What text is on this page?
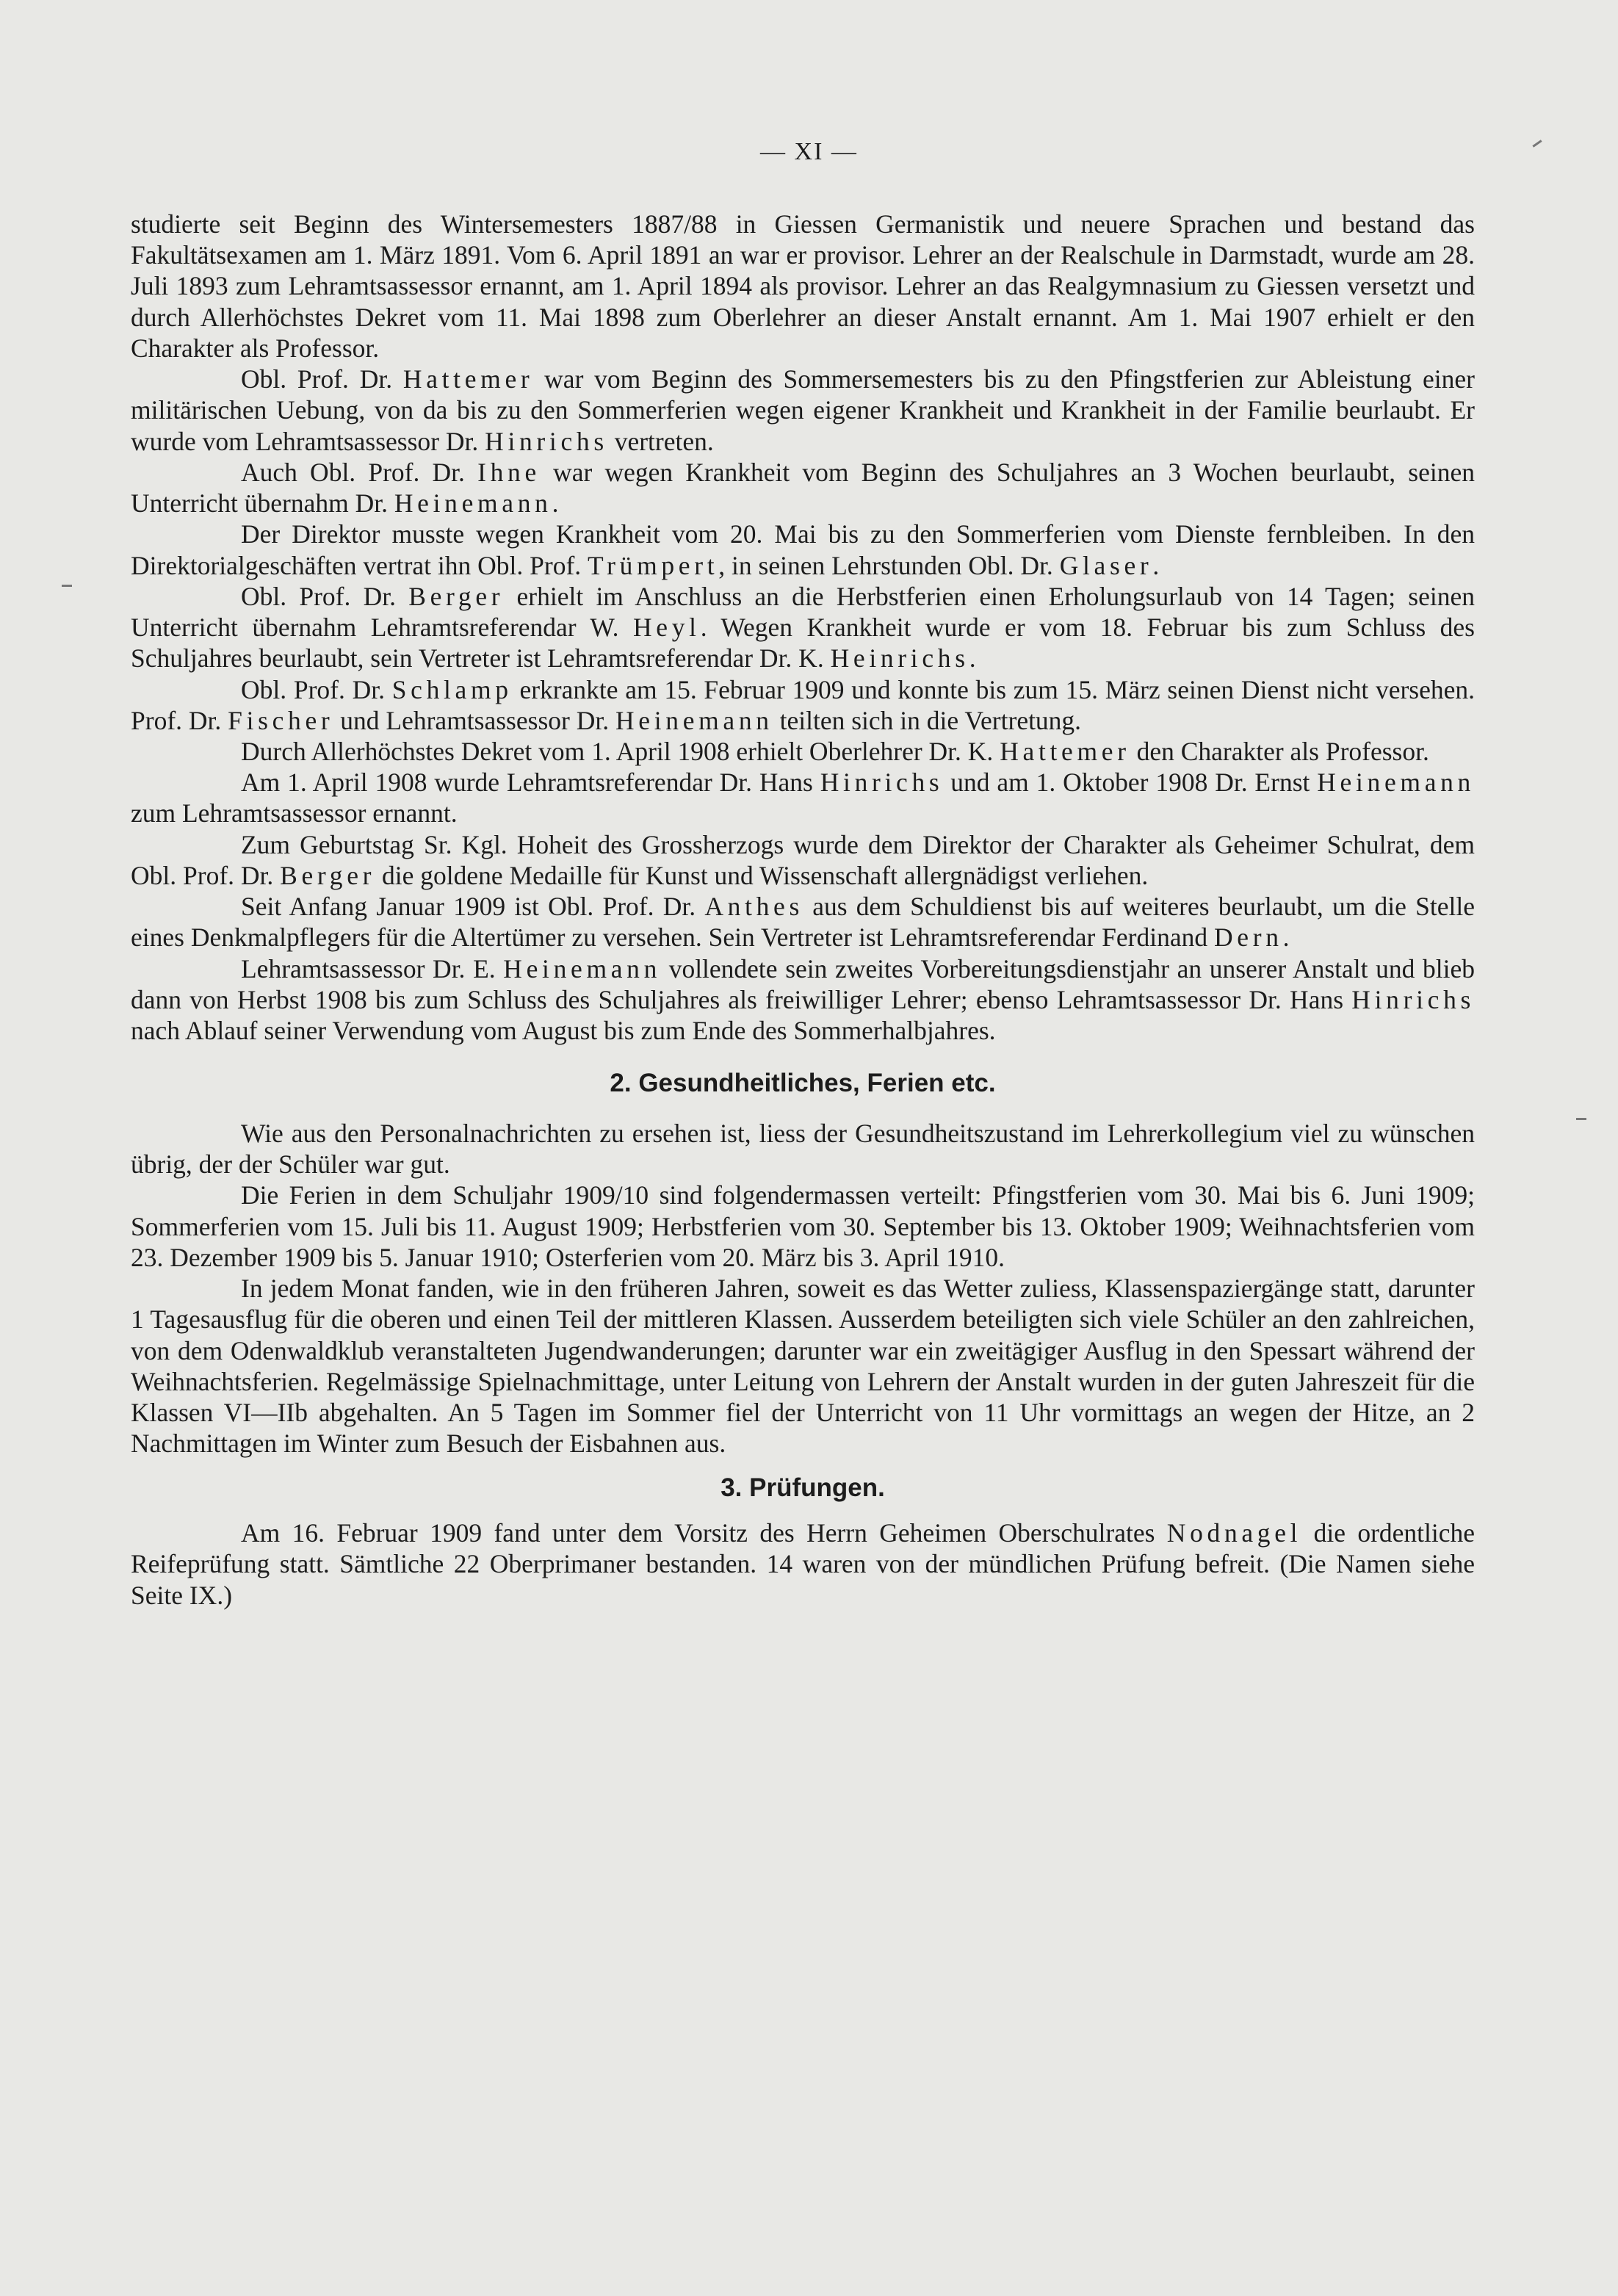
— XI —

studierte seit Beginn des Wintersemesters 1887/88 in Giessen Germanistik und neuere Sprachen und bestand das Fakultätsexamen am 1. März 1891. Vom 6. April 1891 an war er provisor. Lehrer an der Realschule in Darmstadt, wurde am 28. Juli 1893 zum Lehramtsassessor ernannt, am 1. April 1894 als provisor. Lehrer an das Realgymnasium zu Giessen versetzt und durch Allerhöchstes Dekret vom 11. Mai 1898 zum Oberlehrer an dieser Anstalt ernannt. Am 1. Mai 1907 erhielt er den Charakter als Professor.

Obl. Prof. Dr. Hattemer war vom Beginn des Sommersemesters bis zu den Pfingstferien zur Ableistung einer militärischen Uebung, von da bis zu den Sommerferien wegen eigener Krankheit und Krankheit in der Familie beurlaubt. Er wurde vom Lehramtsassessor Dr. Hinrichs vertreten.

Auch Obl. Prof. Dr. Ihne war wegen Krankheit vom Beginn des Schuljahres an 3 Wochen beurlaubt, seinen Unterricht übernahm Dr. Heinemann.

Der Direktor musste wegen Krankheit vom 20. Mai bis zu den Sommerferien vom Dienste fernbleiben. In den Direktorialgeschäften vertrat ihn Obl. Prof. Trümpert, in seinen Lehrstunden Obl. Dr. Glaser.

Obl. Prof. Dr. Berger erhielt im Anschluss an die Herbstferien einen Erholungsurlaub von 14 Tagen; seinen Unterricht übernahm Lehramtsreferendar W. Heyl. Wegen Krankheit wurde er vom 18. Februar bis zum Schluss des Schuljahres beurlaubt, sein Vertreter ist Lehramtsreferendar Dr. K. Heinrichs.

Obl. Prof. Dr. Schlamp erkrankte am 15. Februar 1909 und konnte bis zum 15. März seinen Dienst nicht versehen. Prof. Dr. Fischer und Lehramtsassessor Dr. Heinemann teilten sich in die Vertretung.

Durch Allerhöchstes Dekret vom 1. April 1908 erhielt Oberlehrer Dr. K. Hattemer den Charakter als Professor.

Am 1. April 1908 wurde Lehramtsreferendar Dr. Hans Hinrichs und am 1. Oktober 1908 Dr. Ernst Heinemann zum Lehramtsassessor ernannt.

Zum Geburtstag Sr. Kgl. Hoheit des Grossherzogs wurde dem Direktor der Charakter als Geheimer Schulrat, dem Obl. Prof. Dr. Berger die goldene Medaille für Kunst und Wissenschaft allergnädigst verliehen.

Seit Anfang Januar 1909 ist Obl. Prof. Dr. Anthes aus dem Schuldienst bis auf weiteres beurlaubt, um die Stelle eines Denkmalpflegers für die Altertümer zu versehen. Sein Vertreter ist Lehramtsreferendar Ferdinand Dern.

Lehramtsassessor Dr. E. Heinemann vollendete sein zweites Vorbereitungsdienstjahr an unserer Anstalt und blieb dann von Herbst 1908 bis zum Schluss des Schuljahres als freiwilliger Lehrer; ebenso Lehramtsassessor Dr. Hans Hinrichs nach Ablauf seiner Verwendung vom August bis zum Ende des Sommerhalbjahres.

2. Gesundheitliches, Ferien etc.

Wie aus den Personalnachrichten zu ersehen ist, liess der Gesundheitszustand im Lehrerkollegium viel zu wünschen übrig, der der Schüler war gut.

Die Ferien in dem Schuljahr 1909/10 sind folgendermassen verteilt: Pfingstferien vom 30. Mai bis 6. Juni 1909; Sommerferien vom 15. Juli bis 11. August 1909; Herbstferien vom 30. September bis 13. Oktober 1909; Weihnachtsferien vom 23. Dezember 1909 bis 5. Januar 1910; Osterferien vom 20. März bis 3. April 1910.

In jedem Monat fanden, wie in den früheren Jahren, soweit es das Wetter zuliess, Klassenspaziergänge statt, darunter 1 Tagesausflug für die oberen und einen Teil der mittleren Klassen. Ausserdem beteiligten sich viele Schüler an den zahlreichen, von dem Odenwaldklub veranstalteten Jugendwanderungen; darunter war ein zweitägiger Ausflug in den Spessart während der Weihnachtsferien. Regelmässige Spielnachmittage, unter Leitung von Lehrern der Anstalt wurden in der guten Jahreszeit für die Klassen VI—IIb abgehalten. An 5 Tagen im Sommer fiel der Unterricht von 11 Uhr vormittags an wegen der Hitze, an 2 Nachmittagen im Winter zum Besuch der Eisbahnen aus.

3. Prüfungen.

Am 16. Februar 1909 fand unter dem Vorsitz des Herrn Geheimen Oberschulrates Nodnagel die ordentliche Reifeprüfung statt. Sämtliche 22 Oberprimaner bestanden. 14 waren von der mündlichen Prüfung befreit. (Die Namen siehe Seite IX.)
